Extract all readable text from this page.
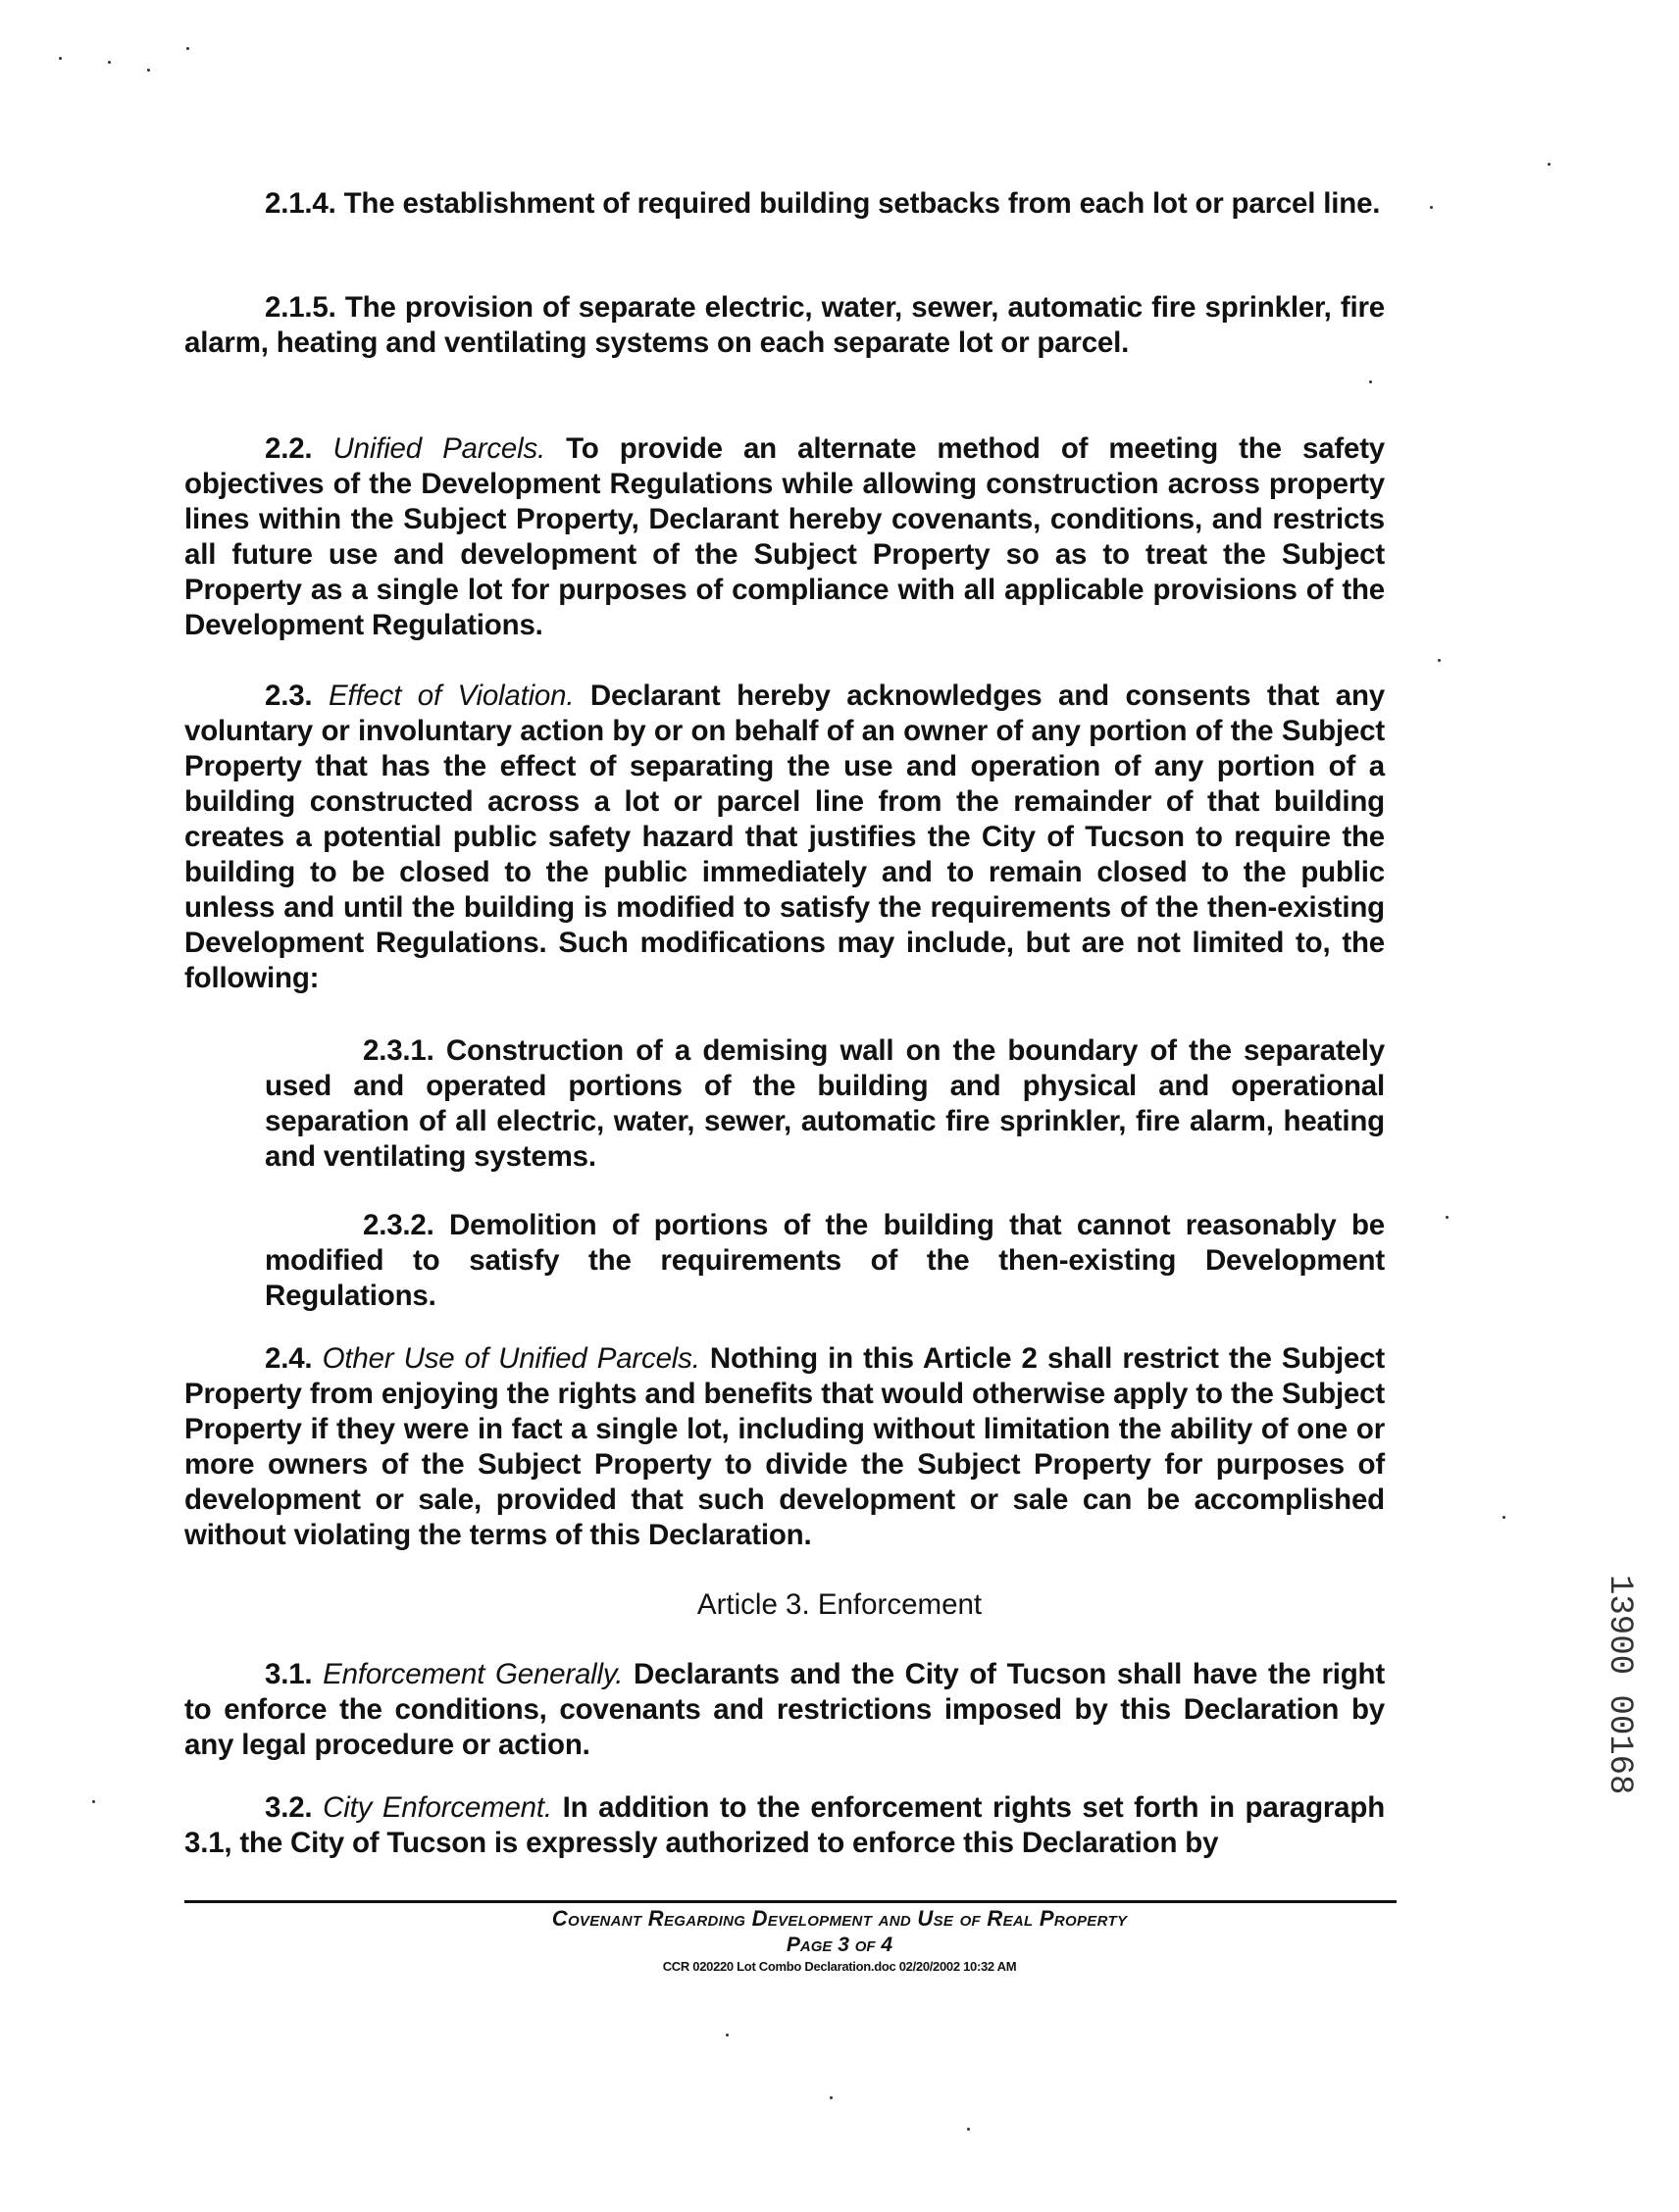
2.1.4. The establishment of required building setbacks from each lot or parcel line.
2.1.5. The provision of separate electric, water, sewer, automatic fire sprinkler, fire alarm, heating and ventilating systems on each separate lot or parcel.
2.2. Unified Parcels. To provide an alternate method of meeting the safety objectives of the Development Regulations while allowing construction across property lines within the Subject Property, Declarant hereby covenants, conditions, and restricts all future use and development of the Subject Property so as to treat the Subject Property as a single lot for purposes of compliance with all applicable provisions of the Development Regulations.
2.3. Effect of Violation. Declarant hereby acknowledges and consents that any voluntary or involuntary action by or on behalf of an owner of any portion of the Subject Property that has the effect of separating the use and operation of any portion of a building constructed across a lot or parcel line from the remainder of that building creates a potential public safety hazard that justifies the City of Tucson to require the building to be closed to the public immediately and to remain closed to the public unless and until the building is modified to satisfy the requirements of the then-existing Development Regulations. Such modifications may include, but are not limited to, the following:
2.3.1. Construction of a demising wall on the boundary of the separately used and operated portions of the building and physical and operational separation of all electric, water, sewer, automatic fire sprinkler, fire alarm, heating and ventilating systems.
2.3.2. Demolition of portions of the building that cannot reasonably be modified to satisfy the requirements of the then-existing Development Regulations.
2.4. Other Use of Unified Parcels. Nothing in this Article 2 shall restrict the Subject Property from enjoying the rights and benefits that would otherwise apply to the Subject Property if they were in fact a single lot, including without limitation the ability of one or more owners of the Subject Property to divide the Subject Property for purposes of development or sale, provided that such development or sale can be accomplished without violating the terms of this Declaration.
Article 3. Enforcement
3.1. Enforcement Generally. Declarants and the City of Tucson shall have the right to enforce the conditions, covenants and restrictions imposed by this Declaration by any legal procedure or action.
3.2. City Enforcement. In addition to the enforcement rights set forth in paragraph 3.1, the City of Tucson is expressly authorized to enforce this Declaration by
Covenant Regarding Development and Use of Real Property
Page 3 of 4
CCR 020220 Lot Combo Declaration.doc 02/20/2002 10:32 AM
13900 00168
